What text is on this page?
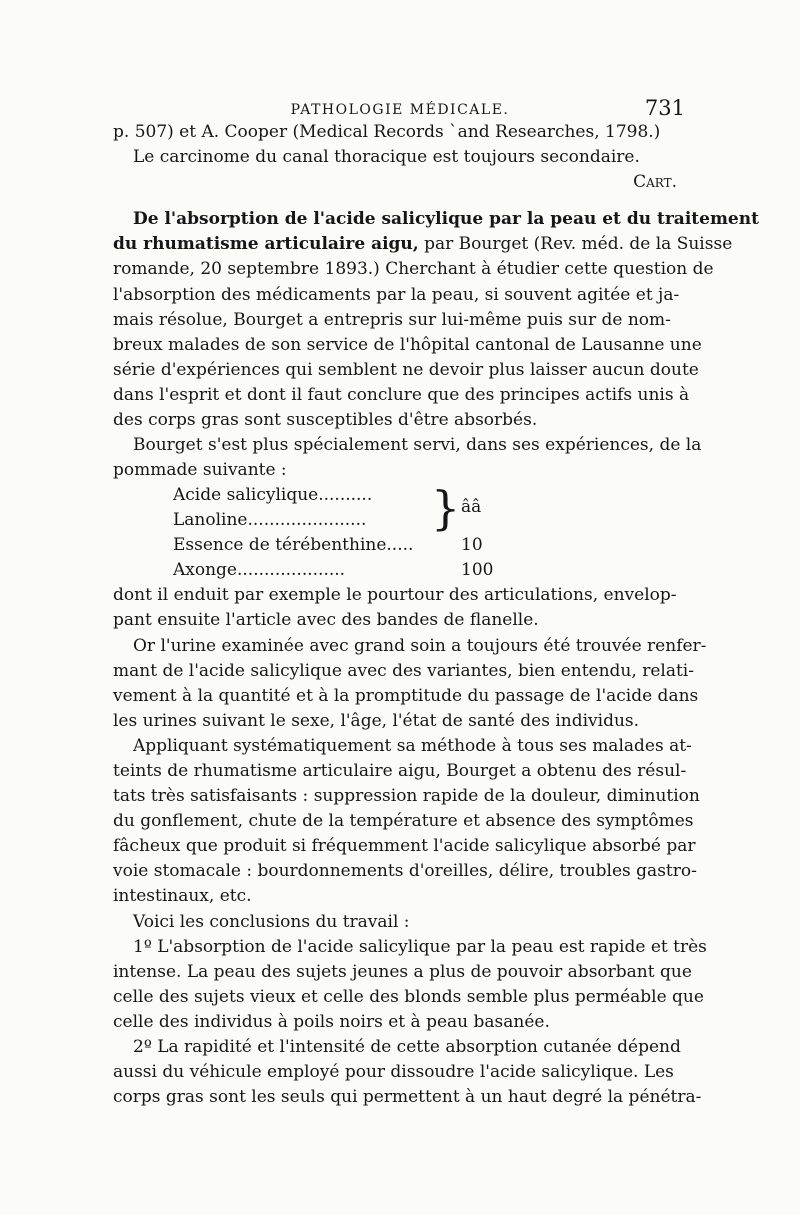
PATHOLOGIE MÉDICALE.	731
p. 507) et A. Cooper (Medical Records `and Researches, 1798.)
Le carcinome du canal thoracique est toujours secondaire.
Cart.
De l'absorption de l'acide salicylique par la peau et du traitement
du rhumatisme articulaire aigu, par Bourget (Rev. méd. de la Suisse
romande, 20 septembre 1893.) Cherchant à étudier cette question de
l'absorption des médicaments par la peau, si souvent agitée et ja-
mais résolue, Bourget a entrepris sur lui-même puis sur de nom-
breux malades de son service de l'hôpital cantonal de Lausanne une
série d'expériences qui semblent ne devoir plus laisser aucun doute
dans l'esprit et dont il faut conclure que des principes actifs unis à
des corps gras sont susceptibles d'être absorbés.
Bourget s'est plus spécialement servi, dans ses expériences, de la
pommade suivante :
Acide salicylique..........
Lanoline......................	} ââ
Essence de térébenthine.....	10
Axonge....................	100
dont il enduit par exemple le pourtour des articulations, envelop-
pant ensuite l'article avec des bandes de flanelle.
Or l'urine examinée avec grand soin a toujours été trouvée renfer-
mant de l'acide salicylique avec des variantes, bien entendu, relati-
vement à la quantité et à la promptitude du passage de l'acide dans
les urines suivant le sexe, l'âge, l'état de santé des individus.
Appliquant systématiquement sa méthode à tous ses malades at-
teints de rhumatisme articulaire aigu, Bourget a obtenu des résul-
tats très satisfaisants : suppression rapide de la douleur, diminution
du gonflement, chute de la température et absence des symptômes
fâcheux que produit si fréquemment l'acide salicylique absorbé par
voie stomacale : bourdonnements d'oreilles, délire, troubles gastro-
intestinaux, etc.
Voici les conclusions du travail :
1º L'absorption de l'acide salicylique par la peau est rapide et très
intense. La peau des sujets jeunes a plus de pouvoir absorbant que
celle des sujets vieux et celle des blonds semble plus perméable que
celle des individus à poils noirs et à peau basanée.
2º La rapidité et l'intensité de cette absorption cutanée dépend
aussi du véhicule employé pour dissoudre l'acide salicylique. Les
corps gras sont les seuls qui permettent à un haut degré la pénétra-
